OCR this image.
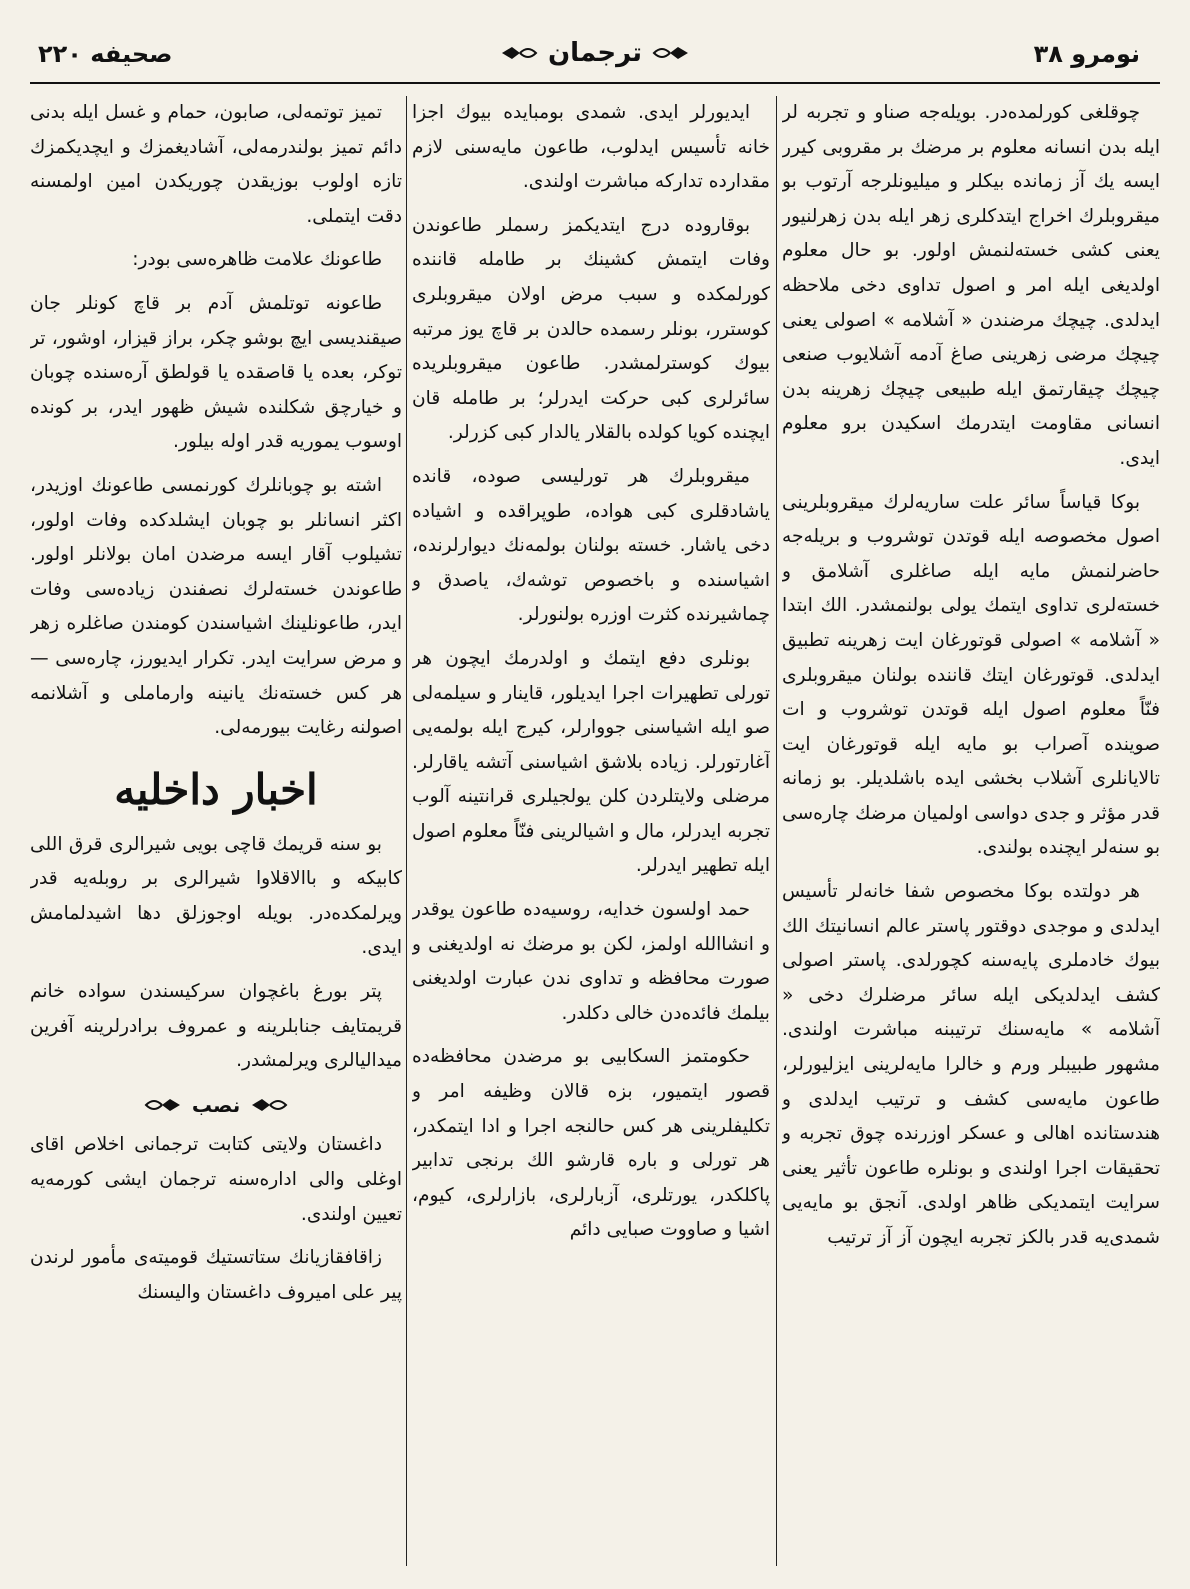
نومرو ٣٨
ترجمان
صحيفه ٢٢٠

چوقلغی كورلمده‌در. بويله‌جه صناو و تجربه لر ايله بدن انسانه معلوم بر مرضك بر مقروبی كيرر ايسه يك آز زمانده بيكلر و ميليونلرجه آرتوب بو ميقروبلرك اخراج ايتدكلری زهر ايله بدن زهرلنيور يعنی كشی خسته‌لنمش اولور. بو حال معلوم اولديغی ايله امر و اصول تداوی دخی ملاحظه ايدلدی. چيچك مرضندن « آشلامه » اصولی يعنی چيچك مرضی زهرينی صاغ آدمه آشلايوب صنعی چيچك چيقارتمق ايله طبيعی چيچك زهرينه بدن انسانی مقاومت ايتدرمك اسكيدن برو معلوم ايدی.

بوكا قياساً سائر علت ساريه‌لرك ميقروبلرينی اصول مخصوصه ايله قوتدن توشروب و بريله‌جه حاضرلنمش مايه ايله صاغلری آشلامق و خسته‌لری تداوی ايتمك يولی بولنمشدر. الك ابتدا « آشلامه » اصولی قوتورغان ايت زهرينه تطبيق ايدلدی. قوتورغان ايتك قاننده بولنان ميقروبلری فنّاً معلوم اصول ايله قوتدن توشروب و ات صوينده آصراب بو مايه ايله قوتورغان ايت تالايانلری آشلاب بخشی ايده باشلديلر. بو زمانه قدر مؤثر و جدی دواسی اولميان مرضك چاره‌سی بو سنه‌لر ايچنده بولندی.

هر دولتده بوكا مخصوص شفا خانه‌لر تأسيس ايدلدی و موجدی دوقتور پاستر عالم انسانيتك الك بيوك خادملری پايه‌سنه كچورلدی. پاستر اصولی كشف ايدلديكی ايله سائر مرضلرك دخی « آشلامه » مايه‌سنك ترتيبنه مباشرت اولندی. مشهور طبيبلر ورم و خالرا مايه‌لرينی ايزليورلر، طاعون مايه‌سی كشف و ترتيب ايدلدی و هندستانده اهالی و عسكر اوزرنده چوق تجربه و تحقيقات اجرا اولندی و بونلره طاعون تأثير يعنی سرايت ايتمديكی ظاهر اولدی. آنجق بو مايه‌يی شمدی‌يه قدر بالكز تجربه ايچون آز آز ترتيب

ايديورلر ايدی. شمدی بومبايده بيوك اجزا خانه تأسيس ايدلوب، طاعون مايه‌سنی لازم مقدارده تداركه مباشرت اولندی.

بوقاروده درج ايتديكمز رسملر طاعوندن وفات ايتمش كشينك بر طامله قاننده كورلمكده و سبب مرض اولان ميقروبلری كوسترر، بونلر رسمده حالدن بر قاچ يوز مرتبه بيوك كوسترلمشدر. طاعون ميقروبلريده سائرلری كبی حركت ايدرلر؛ بر طامله قان ايچنده كويا كولده بالقلار يالدار كبی كزرلر.

ميقروبلرك هر تورليسی صوده، قانده ياشادقلری كبی هواده، طوپراقده و اشياده دخی ياشار. خسته بولنان بولمه‌نك ديوارلرنده، اشياسنده و باخصوص توشه‌ك، ياصدق و چماشيرنده كثرت اوزره بولنورلر.

بونلری دفع ايتمك و اولدرمك ايچون هر تورلی تطهيرات اجرا ايديلور، قاينار و سيلمه‌لی صو ايله اشياسنی جووارلر، كيرج ايله بولمه‌يی آغارتورلر. زياده بلاشق اشياسنی آتشه ياقارلر. مرضلی ولايتلردن كلن يولجيلری قرانتينه آلوب تجربه ايدرلر، مال و اشيالرينی فنّاً معلوم اصول ايله تطهير ايدرلر.

حمد اولسون خدايه، روسيه‌ده طاعون يوقدر و انشاالله اولمز، لكن بو مرضك نه اولديغنی و صورت محافظه و تداوی ندن عبارت اولديغنی بيلمك فائده‌دن خالی دكلدر.

حكومتمز السكابيی بو مرضدن محافظه‌ده قصور ايتميور، بزه قالان وظيفه امر و تكليفلرينی هر كس حالنجه اجرا و ادا ايتمكدر، هر تورلی و باره قارشو الك برنجی تدابير پاكلكدر، يورتلری، آزبارلری، بازارلری، كيوم، اشيا و صاووت صبايی دائم

تميز توتمه‌لی، صابون، حمام و غسل ايله بدنی دائم تميز بولندرمه‌لی، آشاديغمزك و ايچديكمزك تازه اولوب بوزيقدن چوريكدن امين اولمسنه دقت ايتملی.

طاعونك علامت ظاهره‌سی بودر:

طاعونه توتلمش آدم بر قاچ كونلر جان صيقنديسی ايچ بوشو چكر، براز قيزار، اوشور، تر توكر، بعده يا قاصقده يا قولطق آره‌سنده چوبان و خيارچق شكلنده شيش ظهور ايدر، بر كونده اوسوب يموريه قدر اوله بيلور.

اشته بو چوبانلرك كورنمسی طاعونك اوزيدر، اكثر انسانلر بو چوبان ايشلدكده وفات اولور، تشيلوب آقار ايسه مرضدن امان بولانلر اولور. طاعوندن خسته‌لرك نصفندن زياده‌سی وفات ايدر، طاعونلينك اشياسندن كومندن صاغلره زهر و مرض سرايت ايدر. تكرار ايديورز، چاره‌سی — هر كس خسته‌نك يانينه وارماملی و آشلانمه اصولنه رغايت بيورمه‌لی.

اخبار داخليه

بو سنه قريمك قاچی بويی شيرالری قرق اللی كابيكه و باالاقلاوا شيرالری بر روبله‌يه قدر ويرلمكده‌در. بويله اوجوزلق دها اشيدلمامش ايدی.

پتر بورغ باغچوان سركيسندن سواده خانم قريمتايف جنابلرينه و عمروف برادرلرينه آفرين ميداليالری ويرلمشدر.

نصب

داغستان ولايتی كتابت ترجمانی اخلاص اقای اوغلی والی اداره‌سنه ترجمان ايشی كورمه‌يه تعيين اولندی.

زاقافقازيانك ستاتستيك قوميته‌ی مأمور لرندن پير علی اميروف داغستان واليسنك
